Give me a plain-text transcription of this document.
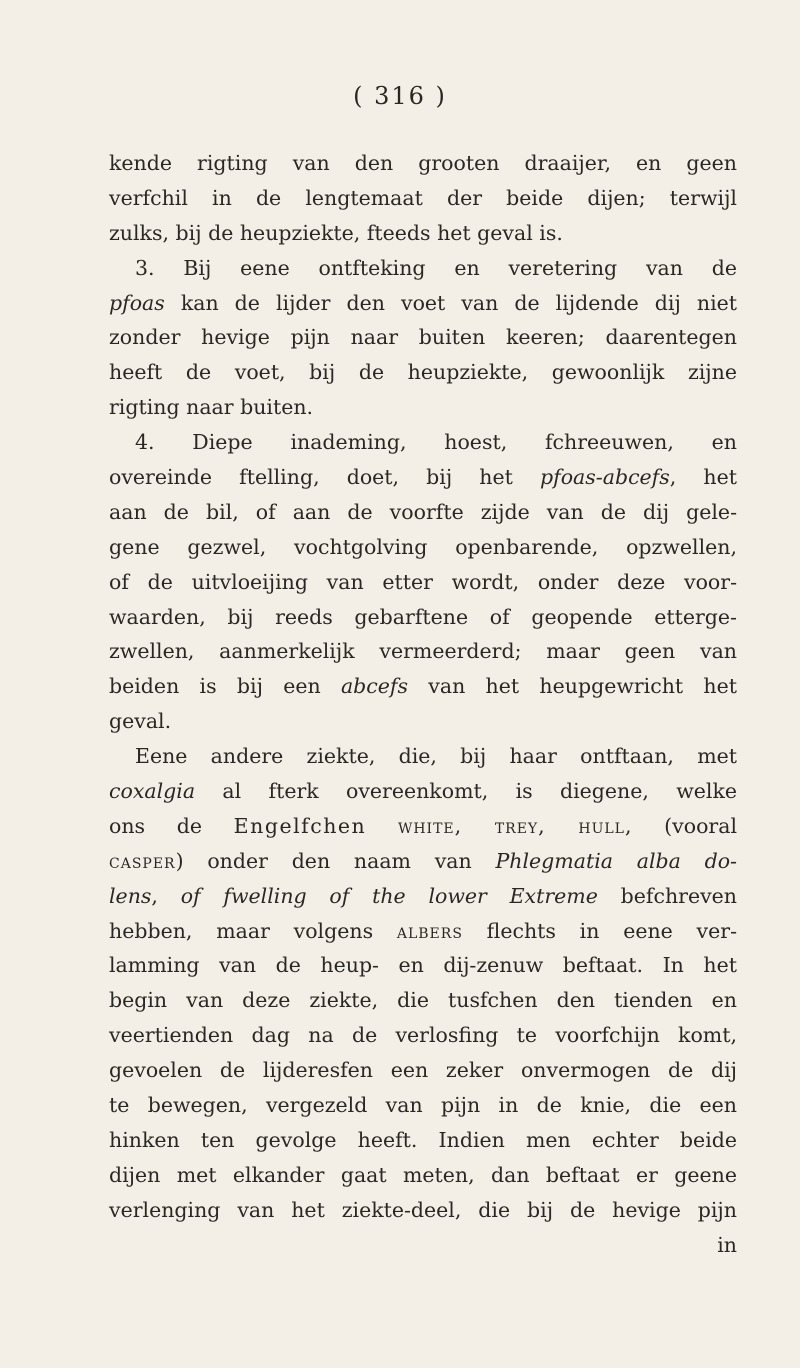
( 316 )
kende rigting van den grooten draaijer, en geen
verfchil in de lengtemaat der beide dijen; terwijl
zulks, bij de heupziekte, fteeds het geval is.
3. Bij eene ontfteking en veretering van de
pfoas kan de lijder den voet van de lijdende dij niet
zonder hevige pijn naar buiten keeren; daarentegen
heeft de voet, bij de heupziekte, gewoonlijk zijne
rigting naar buiten.
4. Diepe inademing, hoest, fchreeuwen, en
overeinde ftelling, doet, bij het pfoas-abcefs, het
aan de bil, of aan de voorfte zijde van de dij gele-
gene gezwel, vochtgolving openbarende, opzwellen,
of de uitvloeijing van etter wordt, onder deze voor-
waarden, bij reeds gebarftene of geopende etterge-
zwellen, aanmerkelijk vermeerderd; maar geen van
beiden is bij een abcefs van het heupgewricht het
geval.
Eene andere ziekte, die, bij haar ontftaan, met
coxalgia al fterk overeenkomt, is diegene, welke
ons de Engelfchen white, trey, hull, (vooral
casper) onder den naam van Phlegmatia alba do-
lens, of fwelling of the lower Extreme befchreven
hebben, maar volgens albers flechts in eene ver-
lamming van de heup- en dij-zenuw beftaat. In het
begin van deze ziekte, die tusfchen den tienden en
veertienden dag na de verlosfing te voorfchijn komt,
gevoelen de lijderesfen een zeker onvermogen de dij
te bewegen, vergezeld van pijn in de knie, die een
hinken ten gevolge heeft. Indien men echter beide
dijen met elkander gaat meten, dan beftaat er geene
verlenging van het ziekte-deel, die bij de hevige pijn
in
